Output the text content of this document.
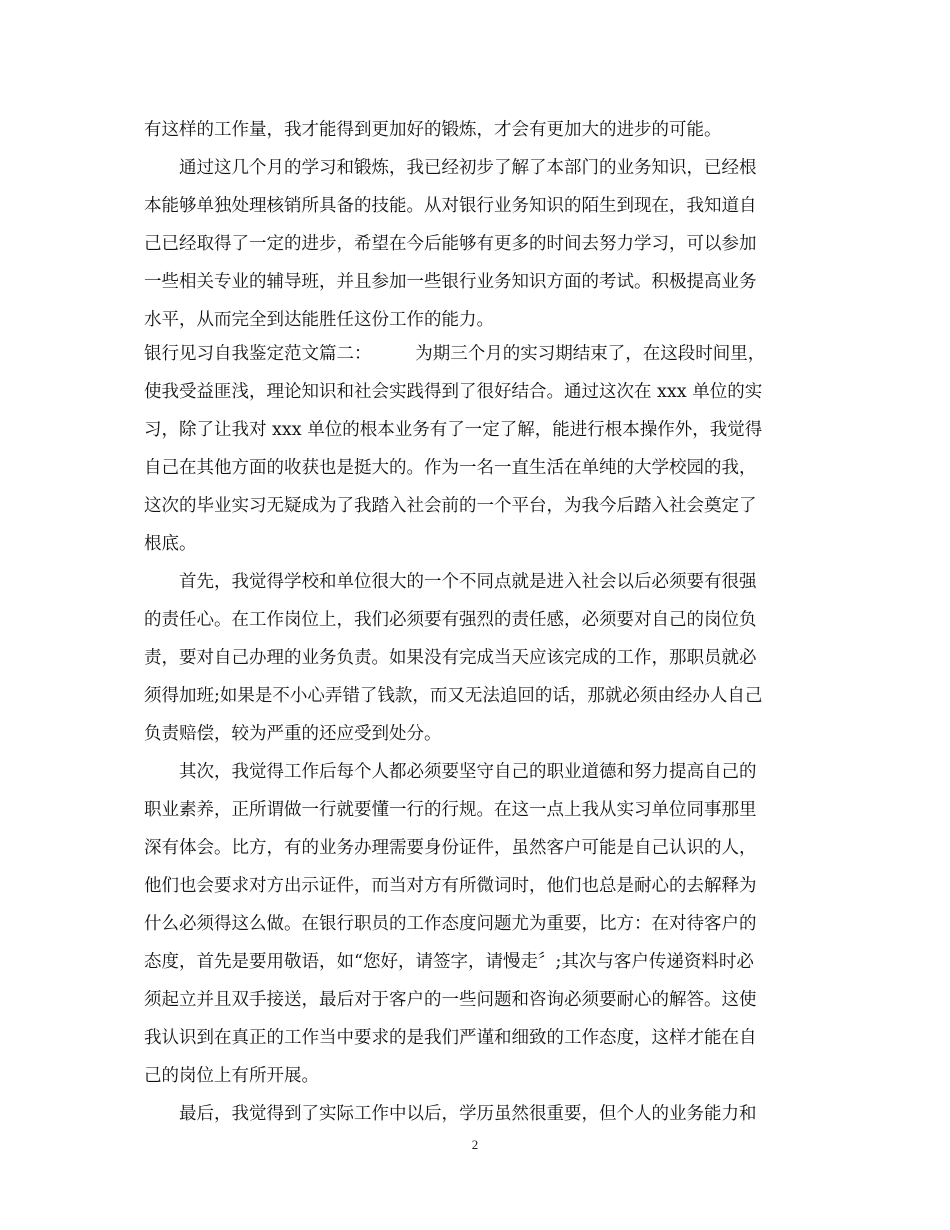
有这样的工作量，我才能得到更加好的锻炼，才会有更加大的进步的可能。
　　通过这几个月的学习和锻炼，我已经初步了解了本部门的业务知识，已经根
本能够单独处理核销所具备的技能。从对银行业务知识的陌生到现在，我知道自
己已经取得了一定的进步，希望在今后能够有更多的时间去努力学习，可以参加
一些相关专业的辅导班，并且参加一些银行业务知识方面的考试。积极提高业务
水平，从而完全到达能胜任这份工作的能力。
银行见习自我鉴定范文篇二：　　　为期三个月的实习期结束了，在这段时间里，
使我受益匪浅，理论知识和社会实践得到了很好结合。通过这次在 xxx 单位的实
习，除了让我对 xxx 单位的根本业务有了一定了解，能进行根本操作外，我觉得
自己在其他方面的收获也是挺大的。作为一名一直生活在单纯的大学校园的我，
这次的毕业实习无疑成为了我踏入社会前的一个平台，为我今后踏入社会奠定了
根底。
　　首先，我觉得学校和单位很大的一个不同点就是进入社会以后必须要有很强
的责任心。在工作岗位上，我们必须要有强烈的责任感，必须要对自己的岗位负
责，要对自己办理的业务负责。如果没有完成当天应该完成的工作，那职员就必
须得加班;如果是不小心弄错了钱款，而又无法追回的话，那就必须由经办人自己
负责赔偿，较为严重的还应受到处分。
　　其次，我觉得工作后每个人都必须要坚守自己的职业道德和努力提高自己的
职业素养，正所谓做一行就要懂一行的行规。在这一点上我从实习单位同事那里
深有体会。比方，有的业务办理需要身份证件，虽然客户可能是自己认识的人，
他们也会要求对方出示证件，而当对方有所微词时，他们也总是耐心的去解释为
什么必须得这么做。在银行职员的工作态度问题尤为重要，比方：在对待客户的
态度，首先是要用敬语，如“您好，请签字，请慢走〞;其次与客户传递资料时必
须起立并且双手接送，最后对于客户的一些问题和咨询必须要耐心的解答。这使
我认识到在真正的工作当中要求的是我们严谨和细致的工作态度，这样才能在自
己的岗位上有所开展。
　　最后，我觉得到了实际工作中以后，学历虽然很重要，但个人的业务能力和
2
